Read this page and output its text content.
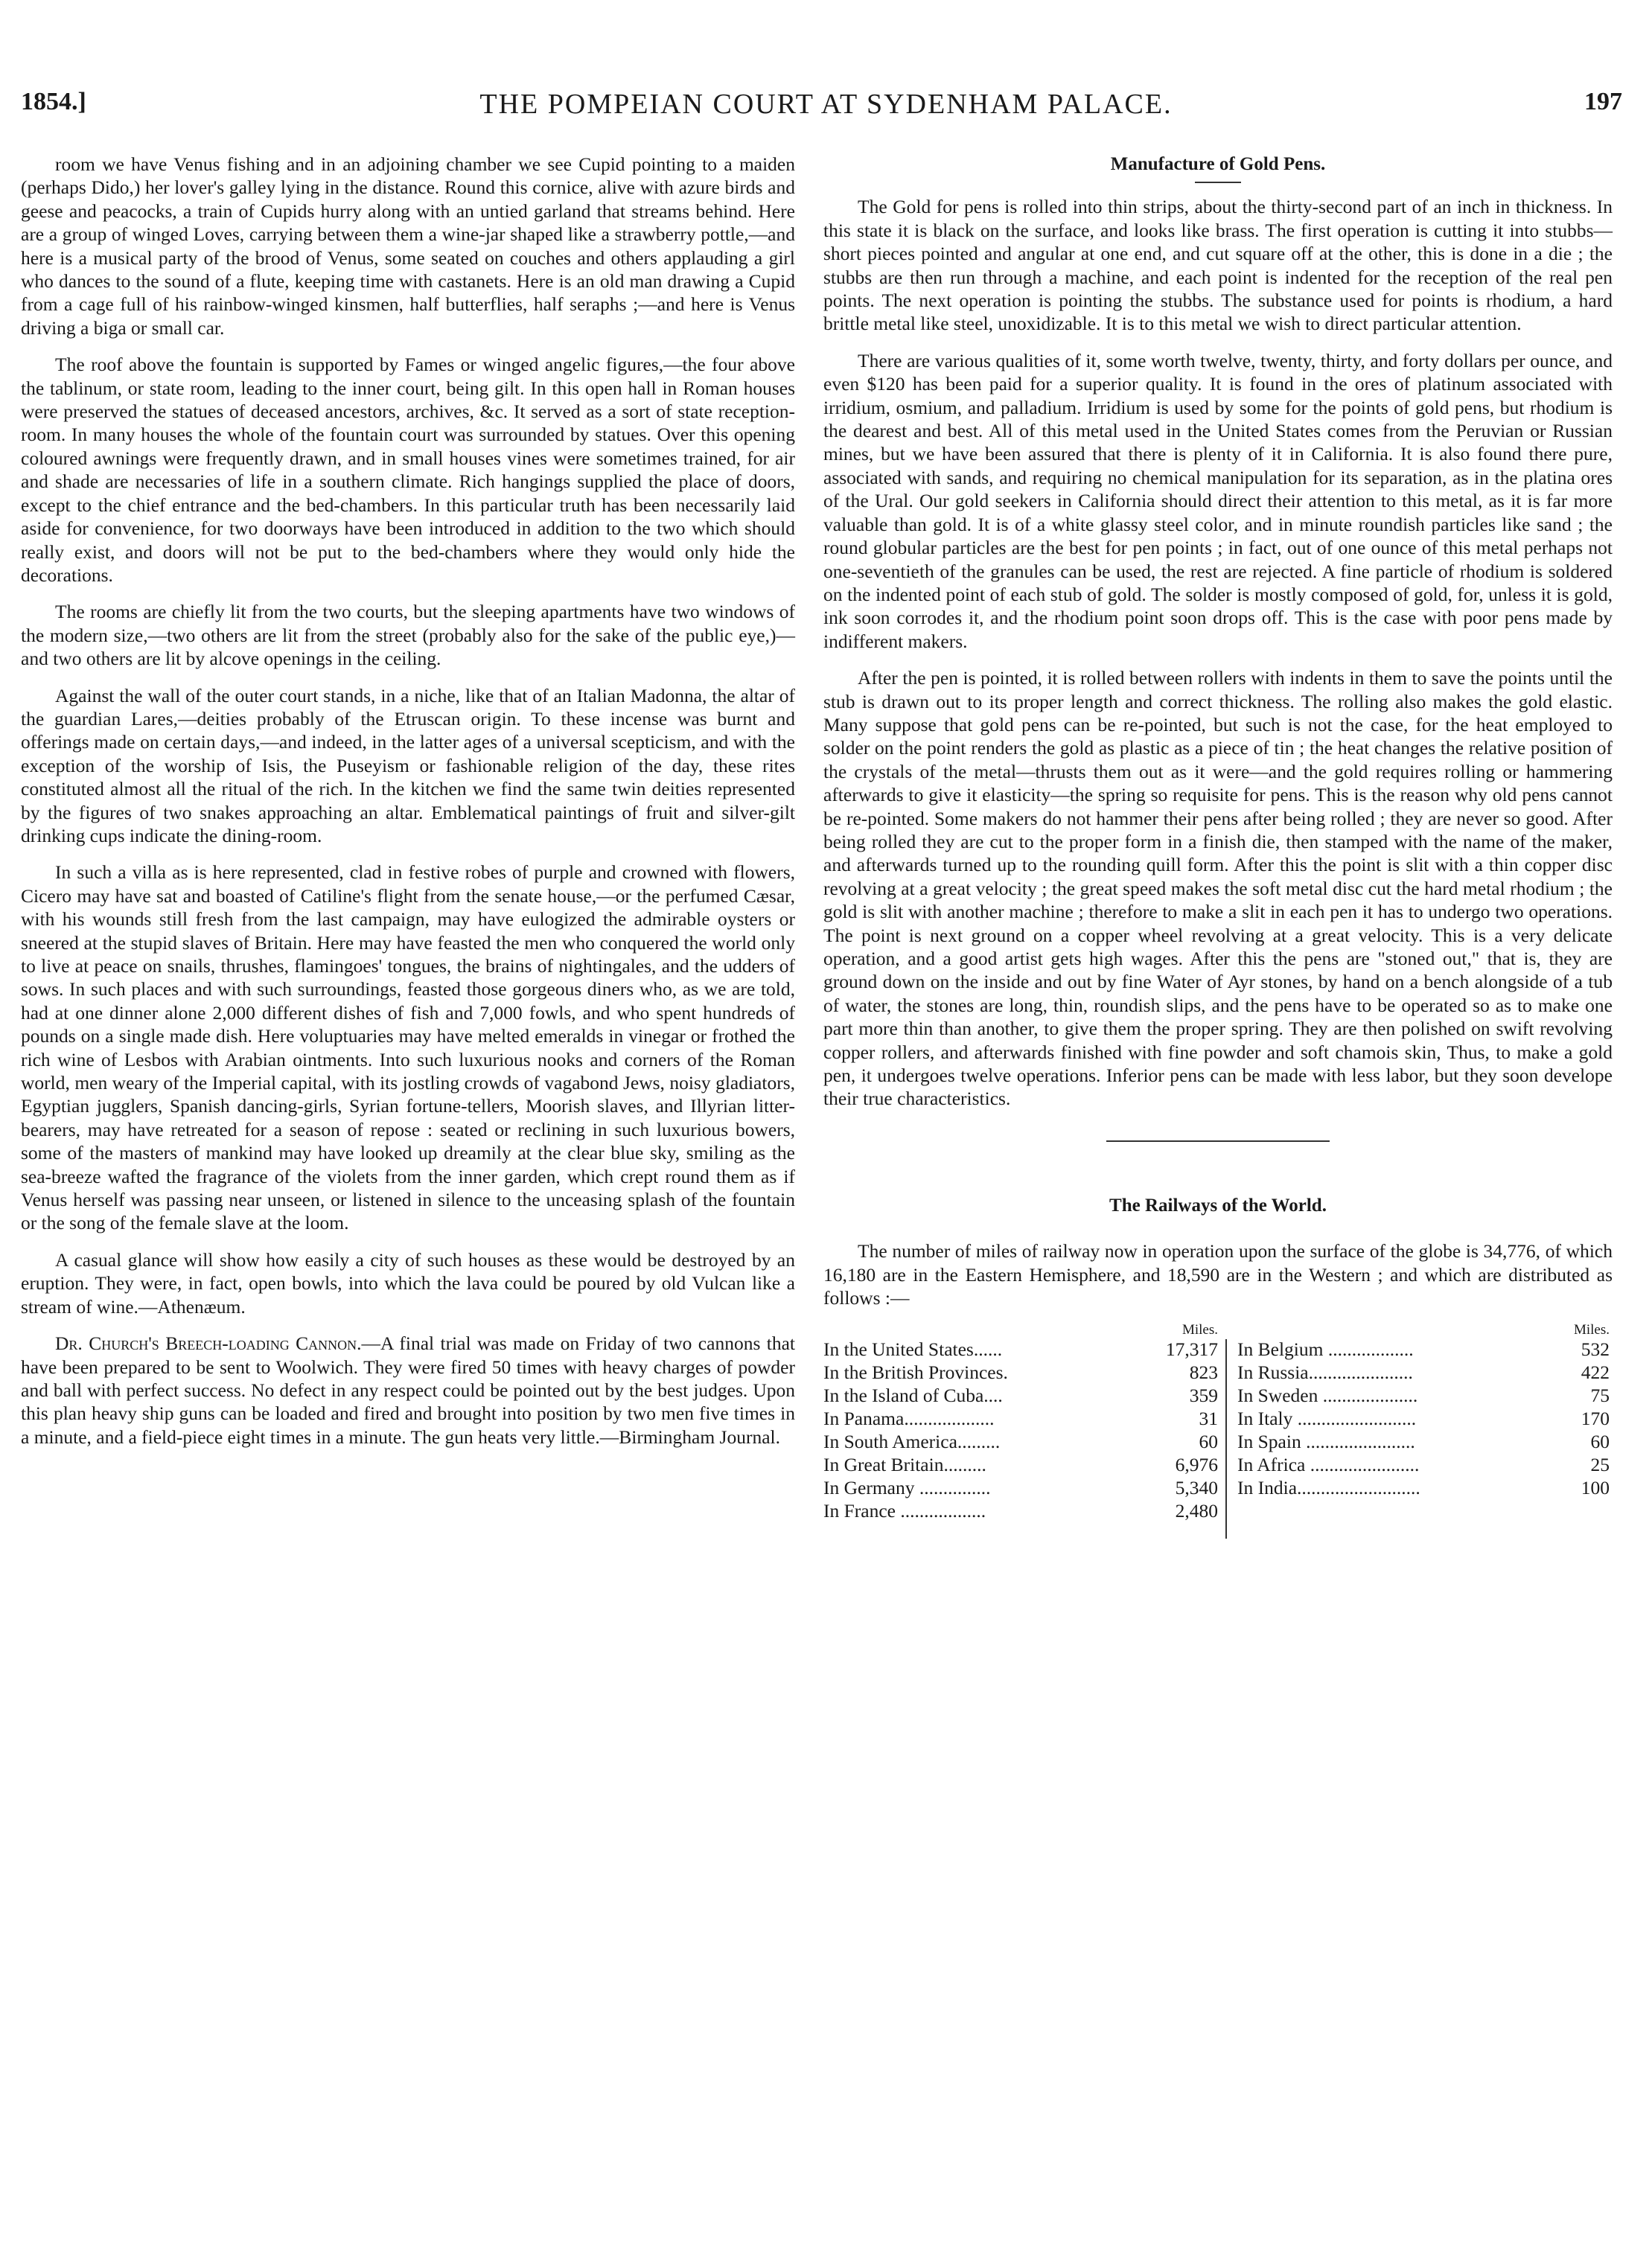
1854.]	THE POMPEIAN COURT AT SYDENHAM PALACE.	197

room we have Venus fishing and in an adjoining chamber we see Cupid pointing to a maiden (perhaps Dido,) her lover's galley lying in the distance. Round this cornice, alive with azure birds and geese and peacocks, a train of Cupids hurry along with an untied garland that streams behind. Here are a group of winged Loves, carrying between them a wine-jar shaped like a strawberry pottle,—and here is a musical party of the brood of Venus, some seated on couches and others applauding a girl who dances to the sound of a flute, keeping time with castanets. Here is an old man drawing a Cupid from a cage full of his rainbow-winged kinsmen, half butterflies, half seraphs ;—and here is Venus driving a biga or small car.

The roof above the fountain is supported by Fames or winged angelic figures,—the four above the tablinum, or state room, leading to the inner court, being gilt. In this open hall in Roman houses were preserved the statues of deceased ancestors, archives, &c. It served as a sort of state reception-room. In many houses the whole of the fountain court was surrounded by statues. Over this opening coloured awnings were frequently drawn, and in small houses vines were sometimes trained, for air and shade are necessaries of life in a southern climate. Rich hangings supplied the place of doors, except to the chief entrance and the bed-chambers. In this particular truth has been necessarily laid aside for convenience, for two doorways have been introduced in addition to the two which should really exist, and doors will not be put to the bed-chambers where they would only hide the decorations.

The rooms are chiefly lit from the two courts, but the sleeping apartments have two windows of the modern size,—two others are lit from the street (probably also for the sake of the public eye,)—and two others are lit by alcove openings in the ceiling.

Against the wall of the outer court stands, in a niche, like that of an Italian Madonna, the altar of the guardian Lares,—deities probably of the Etruscan origin. To these incense was burnt and offerings made on certain days,—and indeed, in the latter ages of a universal scepticism, and with the exception of the worship of Isis, the Puseyism or fashionable religion of the day, these rites constituted almost all the ritual of the rich. In the kitchen we find the same twin deities represented by the figures of two snakes approaching an altar. Emblematical paintings of fruit and silver-gilt drinking cups indicate the dining-room.

In such a villa as is here represented, clad in festive robes of purple and crowned with flowers, Cicero may have sat and boasted of Catiline's flight from the senate house,—or the perfumed Cæsar, with his wounds still fresh from the last campaign, may have eulogized the admirable oysters or sneered at the stupid slaves of Britain. Here may have feasted the men who conquered the world only to live at peace on snails, thrushes, flamingoes' tongues, the brains of nightingales, and the udders of sows. In such places and with such surroundings, feasted those gorgeous diners who, as we are told, had at one dinner alone 2,000 different dishes of fish and 7,000 fowls, and who spent hundreds of pounds on a single made dish. Here voluptuaries may have melted emeralds in vinegar or frothed the rich wine of Lesbos with Arabian ointments. Into such luxurious nooks and corners of the Roman world, men weary of the Imperial capital, with its jostling crowds of vagabond Jews, noisy gladiators, Egyptian jugglers, Spanish dancing-girls, Syrian fortune-tellers, Moorish slaves, and Illyrian litter-bearers, may have retreated for a season of repose : seated or reclining in such luxurious bowers, some of the masters of mankind may have looked up dreamily at the clear blue sky, smiling as the sea-breeze wafted the fragrance of the violets from the inner garden, which crept round them as if Venus herself was passing near unseen, or listened in silence to the unceasing splash of the fountain or the song of the female slave at the loom.

A casual glance will show how easily a city of such houses as these would be destroyed by an eruption. They were, in fact, open bowls, into which the lava could be poured by old Vulcan like a stream of wine.—Athenæum.

Dr. Church's Breech-loading Cannon.—A final trial was made on Friday of two cannons that have been prepared to be sent to Woolwich. They were fired 50 times with heavy charges of powder and ball with perfect success. No defect in any respect could be pointed out by the best judges. Upon this plan heavy ship guns can be loaded and fired and brought into position by two men five times in a minute, and a field-piece eight times in a minute. The gun heats very little.—Birmingham Journal.

Manufacture of Gold Pens.

The Gold for pens is rolled into thin strips, about the thirty-second part of an inch in thickness. In this state it is black on the surface, and looks like brass. The first operation is cutting it into stubbs—short pieces pointed and angular at one end, and cut square off at the other, this is done in a die ; the stubbs are then run through a machine, and each point is indented for the reception of the real pen points. The next operation is pointing the stubbs. The substance used for points is rhodium, a hard brittle metal like steel, unoxidizable. It is to this metal we wish to direct particular attention.

There are various qualities of it, some worth twelve, twenty, thirty, and forty dollars per ounce, and even $120 has been paid for a superior quality. It is found in the ores of platinum associated with irridium, osmium, and palladium. Irridium is used by some for the points of gold pens, but rhodium is the dearest and best. All of this metal used in the United States comes from the Peruvian or Russian mines, but we have been assured that there is plenty of it in California. It is also found there pure, associated with sands, and requiring no chemical manipulation for its separation, as in the platina ores of the Ural. Our gold seekers in California should direct their attention to this metal, as it is far more valuable than gold. It is of a white glassy steel color, and in minute roundish particles like sand ; the round globular particles are the best for pen points ; in fact, out of one ounce of this metal perhaps not one-seventieth of the granules can be used, the rest are rejected. A fine particle of rhodium is soldered on the indented point of each stub of gold. The solder is mostly composed of gold, for, unless it is gold, ink soon corrodes it, and the rhodium point soon drops off. This is the case with poor pens made by indifferent makers.

After the pen is pointed, it is rolled between rollers with indents in them to save the points until the stub is drawn out to its proper length and correct thickness. The rolling also makes the gold elastic. Many suppose that gold pens can be re-pointed, but such is not the case, for the heat employed to solder on the point renders the gold as plastic as a piece of tin ; the heat changes the relative position of the crystals of the metal—thrusts them out as it were—and the gold requires rolling or hammering afterwards to give it elasticity—the spring so requisite for pens. This is the reason why old pens cannot be re-pointed. Some makers do not hammer their pens after being rolled ; they are never so good. After being rolled they are cut to the proper form in a finish die, then stamped with the name of the maker, and afterwards turned up to the rounding quill form. After this the point is slit with a thin copper disc revolving at a great velocity ; the great speed makes the soft metal disc cut the hard metal rhodium ; the gold is slit with another machine ; therefore to make a slit in each pen it has to undergo two operations. The point is next ground on a copper wheel revolving at a great velocity. This is a very delicate operation, and a good artist gets high wages. After this the pens are "stoned out," that is, they are ground down on the inside and out by fine Water of Ayr stones, by hand on a bench alongside of a tub of water, the stones are long, thin, roundish slips, and the pens have to be operated so as to make one part more thin than another, to give them the proper spring. They are then polished on swift revolving copper rollers, and afterwards finished with fine powder and soft chamois skin, Thus, to make a gold pen, it undergoes twelve operations. Inferior pens can be made with less labor, but they soon develope their true characteristics.

The Railways of the World.

The number of miles of railway now in operation upon the surface of the globe is 34,776, of which 16,180 are in the Eastern Hemisphere, and 18,590 are in the Western ; and which are distributed as follows :—

Miles.
In the United States......	17,317
In the British Provinces.	823
In the Island of Cuba....	359
In Panama...................	31
In South America.........	60
In Great Britain.........	6,976
In Germany ...............	5,340
In France ..................	2,480
Miles.
In Belgium ..................	532
In Russia......................	422
In Sweden ....................	75
In Italy .........................	170
In Spain .......................	60
In Africa .......................	25
In India..........................	100
